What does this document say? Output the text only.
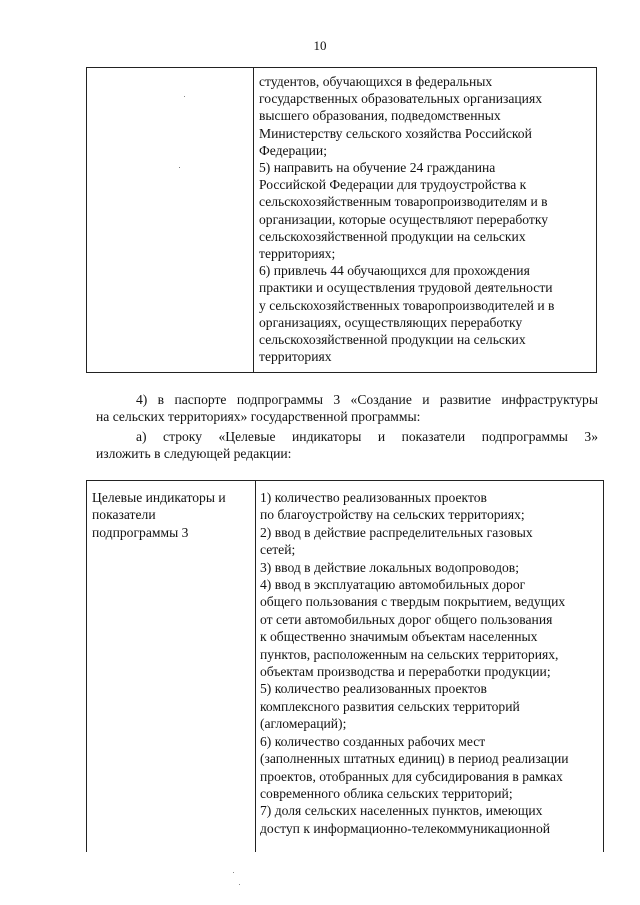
10
студентов, обучающихся в федеральных
государственных образовательных организациях
высшего образования, подведомственных
Министерству сельского хозяйства Российской
Федерации;
5) направить на обучение 24 гражданина
Российской Федерации для трудоустройства к
сельскохозяйственным товаропроизводителям и в
организации, которые осуществляют переработку
сельскохозяйственной продукции на сельских
территориях;
6) привлечь 44 обучающихся для прохождения
практики и осуществления трудовой деятельности
у сельскохозяйственных товаропроизводителей и в
организациях, осуществляющих переработку
сельскохозяйственной продукции на сельских
территориях
4) в паспорте подпрограммы 3 «Создание и развитие инфраструктуры
на сельских территориях» государственной программы:
а) строку «Целевые индикаторы и показатели подпрограммы 3»
изложить в следующей редакции:
Целевые индикаторы и
показатели
подпрограммы 3
1) количество реализованных проектов
по благоустройству на сельских территориях;
2) ввод в действие распределительных газовых
сетей;
3) ввод в действие локальных водопроводов;
4) ввод в эксплуатацию автомобильных дорог
общего пользования с твердым покрытием, ведущих
от сети автомобильных дорог общего пользования
к общественно значимым объектам населенных
пунктов, расположенным на сельских территориях,
объектам производства и переработки продукции;
5) количество реализованных проектов
комплексного развития сельских территорий
(агломераций);
6) количество созданных рабочих мест
(заполненных штатных единиц) в период реализации
проектов, отобранных для субсидирования в рамках
современного облика сельских территорий;
7) доля сельских населенных пунктов, имеющих
доступ к информационно-телекоммуникационной
